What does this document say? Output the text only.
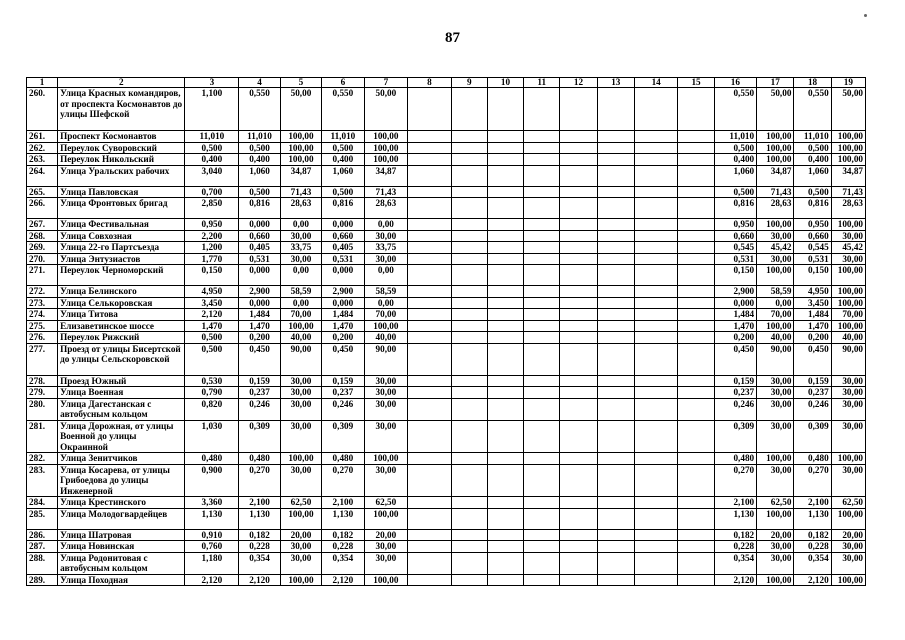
87
1	2	3	4	5	6	7	8	9	10	11	12	13	14	15	16	17	18	19
260.	Улица Красных командиров, от проспекта Космонавтов до улицы Шефской	1,100	0,550	50,00	0,550	50,00									0,550	50,00	0,550	50,00
261.	Проспект Космонавтов	11,010	11,010	100,00	11,010	100,00									11,010	100,00	11,010	100,00
262.	Переулок Суворовский	0,500	0,500	100,00	0,500	100,00									0,500	100,00	0,500	100,00
263.	Переулок Никольский	0,400	0,400	100,00	0,400	100,00									0,400	100,00	0,400	100,00
264.	Улица Уральских рабочих	3,040	1,060	34,87	1,060	34,87									1,060	34,87	1,060	34,87
265.	Улица Павловская	0,700	0,500	71,43	0,500	71,43									0,500	71,43	0,500	71,43
266.	Улица Фронтовых бригад	2,850	0,816	28,63	0,816	28,63									0,816	28,63	0,816	28,63
267.	Улица Фестивальная	0,950	0,000	0,00	0,000	0,00									0,950	100,00	0,950	100,00
268.	Улица Совхозная	2,200	0,660	30,00	0,660	30,00									0,660	30,00	0,660	30,00
269.	Улица 22-го Партсъезда	1,200	0,405	33,75	0,405	33,75									0,545	45,42	0,545	45,42
270.	Улица Энтузиастов	1,770	0,531	30,00	0,531	30,00									0,531	30,00	0,531	30,00
271.	Переулок Черноморский	0,150	0,000	0,00	0,000	0,00									0,150	100,00	0,150	100,00
272.	Улица Белинского	4,950	2,900	58,59	2,900	58,59									2,900	58,59	4,950	100,00
273.	Улица Селькоровская	3,450	0,000	0,00	0,000	0,00									0,000	0,00	3,450	100,00
274.	Улица Титова	2,120	1,484	70,00	1,484	70,00									1,484	70,00	1,484	70,00
275.	Елизаветинское шоссе	1,470	1,470	100,00	1,470	100,00									1,470	100,00	1,470	100,00
276.	Переулок Рижский	0,500	0,200	40,00	0,200	40,00									0,200	40,00	0,200	40,00
277.	Проезд от улицы Бисертской до улицы Сельскоровской	0,500	0,450	90,00	0,450	90,00									0,450	90,00	0,450	90,00
278.	Проезд Южный	0,530	0,159	30,00	0,159	30,00									0,159	30,00	0,159	30,00
279.	Улица Военная	0,790	0,237	30,00	0,237	30,00									0,237	30,00	0,237	30,00
280.	Улица Дагестанская с автобусным кольцом	0,820	0,246	30,00	0,246	30,00									0,246	30,00	0,246	30,00
281.	Улица Дорожная, от улицы Военной до улицы Окраинной	1,030	0,309	30,00	0,309	30,00									0,309	30,00	0,309	30,00
282.	Улица Зенитчиков	0,480	0,480	100,00	0,480	100,00									0,480	100,00	0,480	100,00
283.	Улица Косарева, от улицы Грибоедова до улицы Инженерной	0,900	0,270	30,00	0,270	30,00									0,270	30,00	0,270	30,00
284.	Улица Крестинского	3,360	2,100	62,50	2,100	62,50									2,100	62,50	2,100	62,50
285.	Улица Молодогвардейцев	1,130	1,130	100,00	1,130	100,00									1,130	100,00	1,130	100,00
286.	Улица Шатровая	0,910	0,182	20,00	0,182	20,00									0,182	20,00	0,182	20,00
287.	Улица Новинская	0,760	0,228	30,00	0,228	30,00									0,228	30,00	0,228	30,00
288.	Улица Родонитовая с автобусным кольцом	1,180	0,354	30,00	0,354	30,00									0,354	30,00	0,354	30,00
289.	Улица Походная	2,120	2,120	100,00	2,120	100,00									2,120	100,00	2,120	100,00
